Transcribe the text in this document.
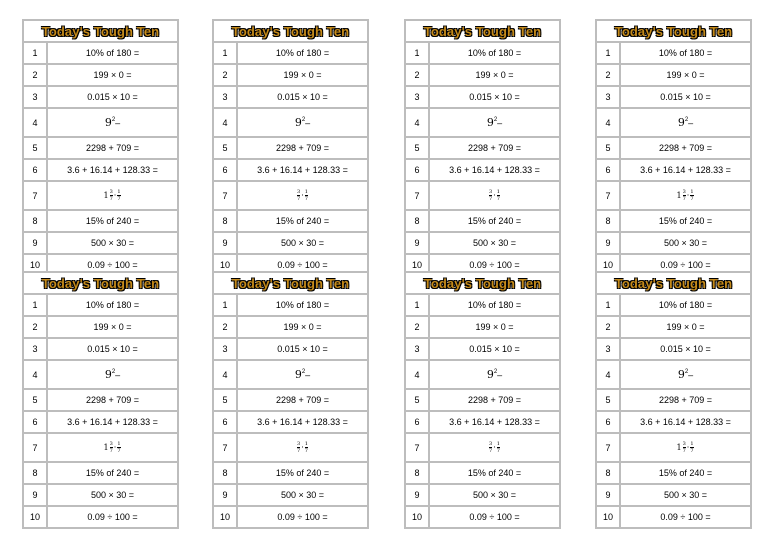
Today's Tough Ten
1	10% of 180 =
2	199 × 0 =
3	0.015 × 10 =
4	9 2 –
5	2298 + 709 =
6	3.6 + 16.14 + 128.33 =
7	$1 \frac{3}{7} \cdot \frac{1}{7}$
8	15% of 240 =
9	500 × 30 =
10	0.09 ÷ 100 =
Today's Tough Ten
1	10% of 180 =
2	199 × 0 =
3	0.015 × 10 =
4	9 2 –
5	2298 + 709 =
6	3.6 + 16.14 + 128.33 =
7	$1 \frac{3}{7} \cdot \frac{1}{7}$
8	15% of 240 =
9	500 × 30 =
10	0.09 ÷ 100 =
Today's Tough Ten
1	10% of 180 =
2	199 × 0 =
3	0.015 × 10 =
4	9 2 –
5	2298 + 709 =
6	3.6 + 16.14 + 128.33 =
7	$\frac{3}{7} \cdot \frac{1}{7}$
8	15% of 240 =
9	500 × 30 =
10	0.09 ÷ 100 =
Today's Tough Ten
1	10% of 180 =
2	199 × 0 =
3	0.015 × 10 =
4	9 2 –
5	2298 + 709 =
6	3.6 + 16.14 + 128.33 =
7	$\frac{3}{7} \cdot \frac{1}{7}$
8	15% of 240 =
9	500 × 30 =
10	0.09 ÷ 100 =
Today's Tough Ten
1	10% of 180 =
2	199 × 0 =
3	0.015 × 10 =
4	9 2 –
5	2298 + 709 =
6	3.6 + 16.14 + 128.33 =
7	$\frac{3}{7} \cdot \frac{1}{7}$
8	15% of 240 =
9	500 × 30 =
10	0.09 ÷ 100 =
Today's Tough Ten
1	10% of 180 =
2	199 × 0 =
3	0.015 × 10 =
4	9 2 –
5	2298 + 709 =
6	3.6 + 16.14 + 128.33 =
7	$\frac{3}{7} \cdot \frac{1}{7}$
8	15% of 240 =
9	500 × 30 =
10	0.09 ÷ 100 =
Today's Tough Ten
1	10% of 180 =
2	199 × 0 =
3	0.015 × 10 =
4	9 2 –
5	2298 + 709 =
6	3.6 + 16.14 + 128.33 =
7	$1 \frac{3}{7} \cdot \frac{1}{7}$
8	15% of 240 =
9	500 × 30 =
10	0.09 ÷ 100 =
Today's Tough Ten
1	10% of 180 =
2	199 × 0 =
3	0.015 × 10 =
4	9 2 –
5	2298 + 709 =
6	3.6 + 16.14 + 128.33 =
7	$1 \frac{3}{7} \cdot \frac{1}{7}$
8	15% of 240 =
9	500 × 30 =
10	0.09 ÷ 100 =
